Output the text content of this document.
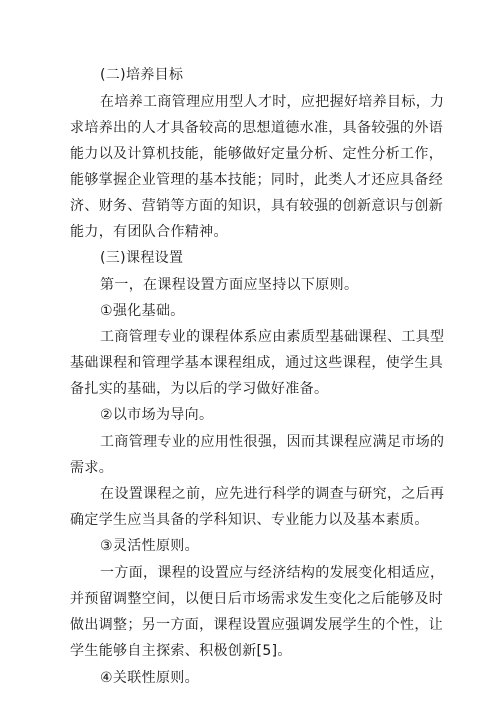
(二)培养目标
在培养工商管理应用型人才时，应把握好培养目标，力
求培养出的人才具备较高的思想道德水准，具备较强的外语
能力以及计算机技能，能够做好定量分析、定性分析工作，
能够掌握企业管理的基本技能；同时，此类人才还应具备经
济、财务、营销等方面的知识，具有较强的创新意识与创新
能力，有团队合作精神。
(三)课程设置
第一，在课程设置方面应坚持以下原则。
①强化基础。
工商管理专业的课程体系应由素质型基础课程、工具型
基础课程和管理学基本课程组成，通过这些课程，使学生具
备扎实的基础，为以后的学习做好准备。
②以市场为导向。
工商管理专业的应用性很强，因而其课程应满足市场的
需求。
在设置课程之前，应先进行科学的调查与研究，之后再
确定学生应当具备的学科知识、专业能力以及基本素质。
③灵活性原则。
一方面，课程的设置应与经济结构的发展变化相适应，
并预留调整空间，以便日后市场需求发生变化之后能够及时
做出调整；另一方面，课程设置应强调发展学生的个性，让
学生能够自主探索、积极创新[5]。
④关联性原则。
